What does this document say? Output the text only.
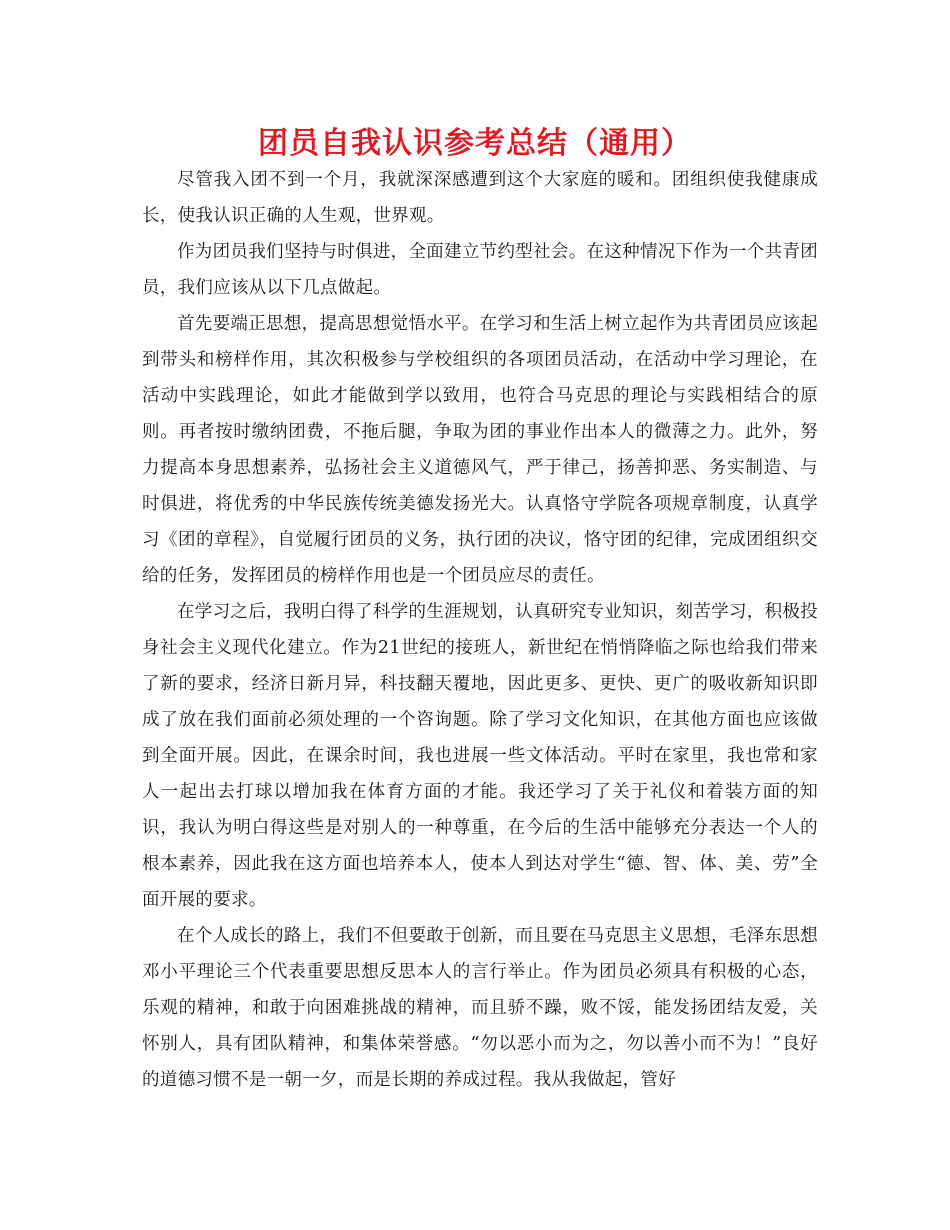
团员自我认识参考总结（通用）

尽管我入团不到一个月，我就深深感遭到这个大家庭的暖和。团组织使我健康成长，使我认识正确的人生观，世界观。

作为团员我们坚持与时俱进，全面建立节约型社会。在这种情况下作为一个共青团员，我们应该从以下几点做起。

首先要端正思想，提高思想觉悟水平。在学习和生活上树立起作为共青团员应该起到带头和榜样作用，其次积极参与学校组织的各项团员活动，在活动中学习理论，在活动中实践理论，如此才能做到学以致用，也符合马克思的理论与实践相结合的原则。再者按时缴纳团费，不拖后腿，争取为团的事业作出本人的微薄之力。此外，努力提高本身思想素养，弘扬社会主义道德风气，严于律己，扬善抑恶、务实制造、与时俱进，将优秀的中华民族传统美德发扬光大。认真恪守学院各项规章制度，认真学习《团的章程》，自觉履行团员的义务，执行团的决议，恪守团的纪律，完成团组织交给的任务，发挥团员的榜样作用也是一个团员应尽的责任。

在学习之后，我明白得了科学的生涯规划，认真研究专业知识，刻苦学习，积极投身社会主义现代化建立。作为21世纪的接班人，新世纪在悄悄降临之际也给我们带来了新的要求，经济日新月异，科技翻天覆地，因此更多、更快、更广的吸收新知识即成了放在我们面前必须处理的一个咨询题。除了学习文化知识，在其他方面也应该做到全面开展。因此，在课余时间，我也进展一些文体活动。平时在家里，我也常和家人一起出去打球以增加我在体育方面的才能。我还学习了关于礼仪和着装方面的知识，我认为明白得这些是对别人的一种尊重，在今后的生活中能够充分表达一个人的根本素养，因此我在这方面也培养本人，使本人到达对学生“德、智、体、美、劳”全面开展的要求。

在个人成长的路上，我们不但要敢于创新，而且要在马克思主义思想，毛泽东思想邓小平理论三个代表重要思想反思本人的言行举止。作为团员必须具有积极的心态，乐观的精神，和敢于向困难挑战的精神，而且骄不躁，败不馁，能发扬团结友爱，关怀别人，具有团队精神，和集体荣誉感。“勿以恶小而为之，勿以善小而不为！”良好的道德习惯不是一朝一夕，而是长期的养成过程。我从我做起，管好
